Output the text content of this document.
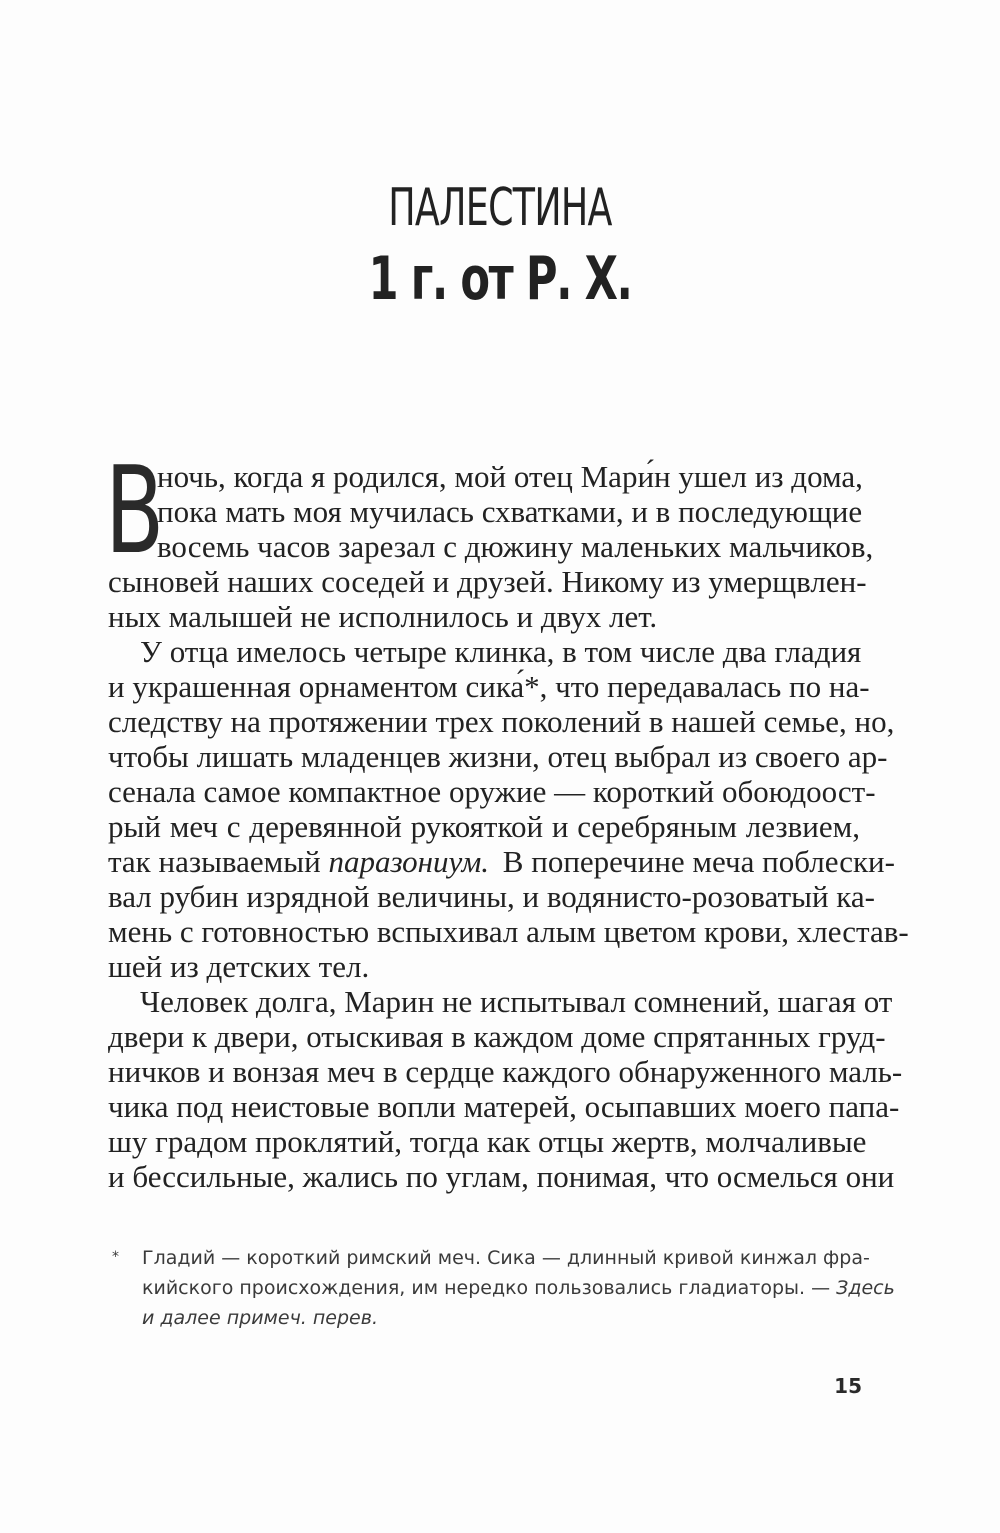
ПАЛЕСТИНА
1 г. от Р. Х.
В
ночь, когда я родился, мой отец Мари́н ушел из дома,
пока мать моя мучилась схватками, и в последующие
восемь часов зарезал с дюжину маленьких мальчиков,
сыновей наших соседей и друзей. Никому из умерщвлен-
ных малышей не исполнилось и двух лет.
У отца имелось четыре клинка, в том числе два гладия
и украшенная орнаментом сика́*, что передавалась по на-
следству на протяжении трех поколений в нашей семье, но,
чтобы лишать младенцев жизни, отец выбрал из своего ар-
сенала самое компактное оружие — короткий обоюдоост-
рый меч с деревянной рукояткой и серебряным лезвием,
так называемый паразониум. В поперечине меча поблески-
вал рубин изрядной величины, и водянисто-розоватый ка-
мень с готовностью вспыхивал алым цветом крови, хлестав-
шей из детских тел.
Человек долга, Марин не испытывал сомнений, шагая от
двери к двери, отыскивая в каждом доме спрятанных груд-
ничков и вонзая меч в сердце каждого обнаруженного маль-
чика под неистовые вопли матерей, осыпавших моего папа-
шу градом проклятий, тогда как отцы жертв, молчаливые
и бессильные, жались по углам, понимая, что осмелься они
* Гладий — короткий римский меч. Сика — длинный кривой кинжал фра-
кийского происхождения, им нередко пользовались гладиаторы. — Здесь
и далее примеч. перев.
15
